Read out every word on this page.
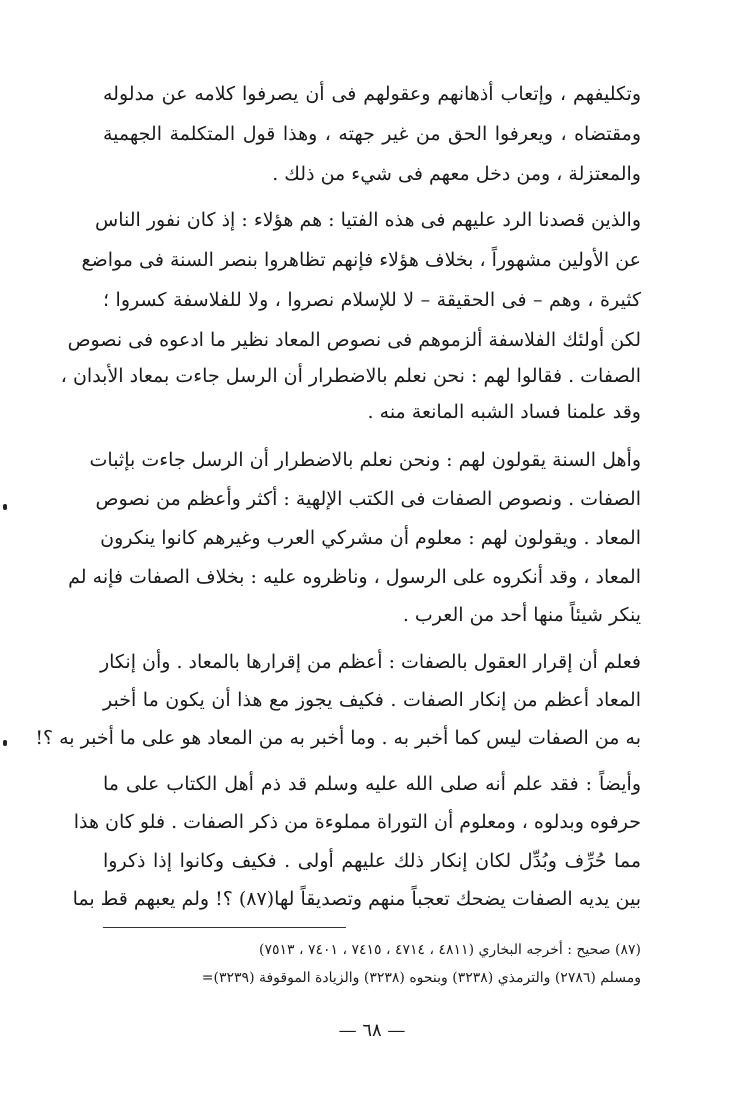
وتكليفهم ، وإتعاب أذهانهم وعقولهم فى أن يصرفوا كلامه عن مدلوله
ومقتضاه ، ويعرفوا الحق من غير جهته ، وهذا قول المتكلمة الجهمية
والمعتزلة ، ومن دخل معهم فى شيء من ذلك .
والذين قصدنا الرد عليهم فى هذه الفتيا : هم هؤلاء : إذ كان نفور الناس
عن الأولين مشهوراً ، بخلاف هؤلاء فإنهم تظاهروا بنصر السنة فى مواضع
كثيرة ، وهم – فى الحقيقة – لا للإسلام نصروا ، ولا للفلاسفة كسروا ؛
لكن أولئك الفلاسفة ألزموهم فى نصوص المعاد نظير ما ادعوه فى نصوص
الصفات . فقالوا لهم : نحن نعلم بالاضطرار أن الرسل جاءت بمعاد الأبدان ،
وقد علمنا فساد الشبه المانعة منه .
وأهل السنة يقولون لهم : ونحن نعلم بالاضطرار أن الرسل جاءت بإثبات
الصفات . ونصوص الصفات فى الكتب الإلهية : أكثر وأعظم من نصوص
المعاد . ويقولون لهم : معلوم أن مشركي العرب وغيرهم كانوا ينكرون
المعاد ، وقد أنكروه على الرسول ، وناظروه عليه : بخلاف الصفات فإنه لم
ينكر شيئاً منها أحد من العرب .
فعلم أن إقرار العقول بالصفات : أعظم من إقرارها بالمعاد . وأن إنكار
المعاد أعظم من إنكار الصفات . فكيف يجوز مع هذا أن يكون ما أخبر
به من الصفات ليس كما أخبر به . وما أخبر به من المعاد هو على ما أخبر به ؟!
وأيضاً : فقد علم أنه صلى الله عليه وسلم قد ذم أهل الكتاب على ما
حرفوه وبدلوه ، ومعلوم أن التوراة مملوءة من ذكر الصفات . فلو كان هذا
مما حُرِّف وبُدِّل لكان إنكار ذلك عليهم أولى . فكيف وكانوا إذا ذكروا
بين يديه الصفات يضحك تعجباً منهم وتصديقاً لها(٨٧) ؟! ولم يعبهم قط بما
(٨٧) صحيح : أخرجه البخاري (٤٨١١ ، ٤٧١٤ ، ٧٤١٥ ، ٧٤٠١ ، ٧٥١٣)
ومسلم (٢٧٨٦) والترمذي (٣٢٣٨) وبنحوه (٣٢٣٨) والزيادة الموقوفة (٣٢٣٩)=
— ٦٨ —
